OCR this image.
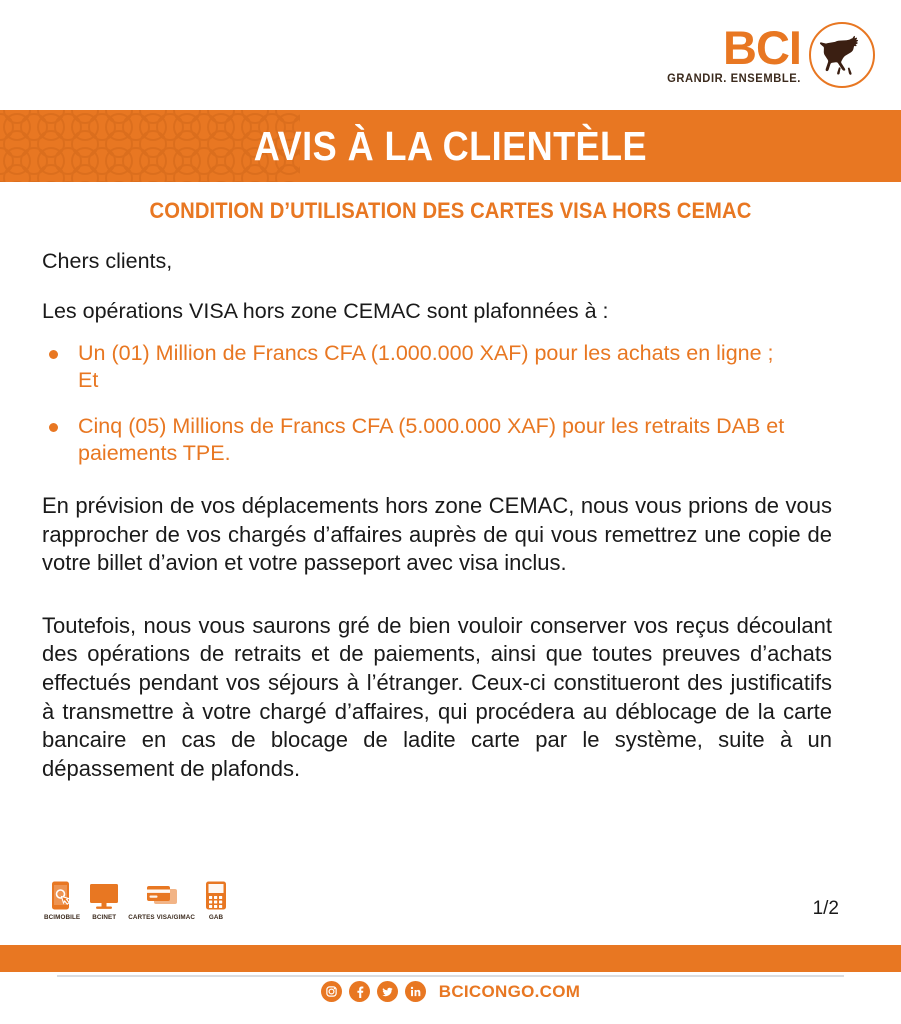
BCI
GRANDIR. ENSEMBLE.
AVIS À LA CLIENTÈLE
CONDITION D’UTILISATION DES CARTES VISA HORS CEMAC

Chers clients,

Les opérations VISA hors zone CEMAC sont plafonnées à :

Un (01) Million de Francs CFA (1.000.000 XAF) pour les achats en ligne ;
Et
Cinq (05) Millions de Francs CFA (5.000.000 XAF) pour les retraits DAB et paiements TPE.

En prévision de vos déplacements hors zone CEMAC, nous vous prions de vous rapprocher de vos chargés d’affaires auprès de qui vous remettrez une copie de votre billet d’avion et votre passeport avec visa inclus.

Toutefois, nous vous saurons gré de bien vouloir conserver vos reçus découlant des opérations de retraits et de paiements, ainsi que toutes preuves d’achats effectués pendant vos séjours à l’étranger. Ceux-ci constitueront des justificatifs à transmettre à votre chargé d’affaires, qui procédera au déblocage de la carte bancaire en cas de blocage de ladite carte par le système, suite à un dépassement de plafonds.

BCIMOBILE BCINET CARTES VISA/GIMAC GAB	1/2
BCICONGO.COM
